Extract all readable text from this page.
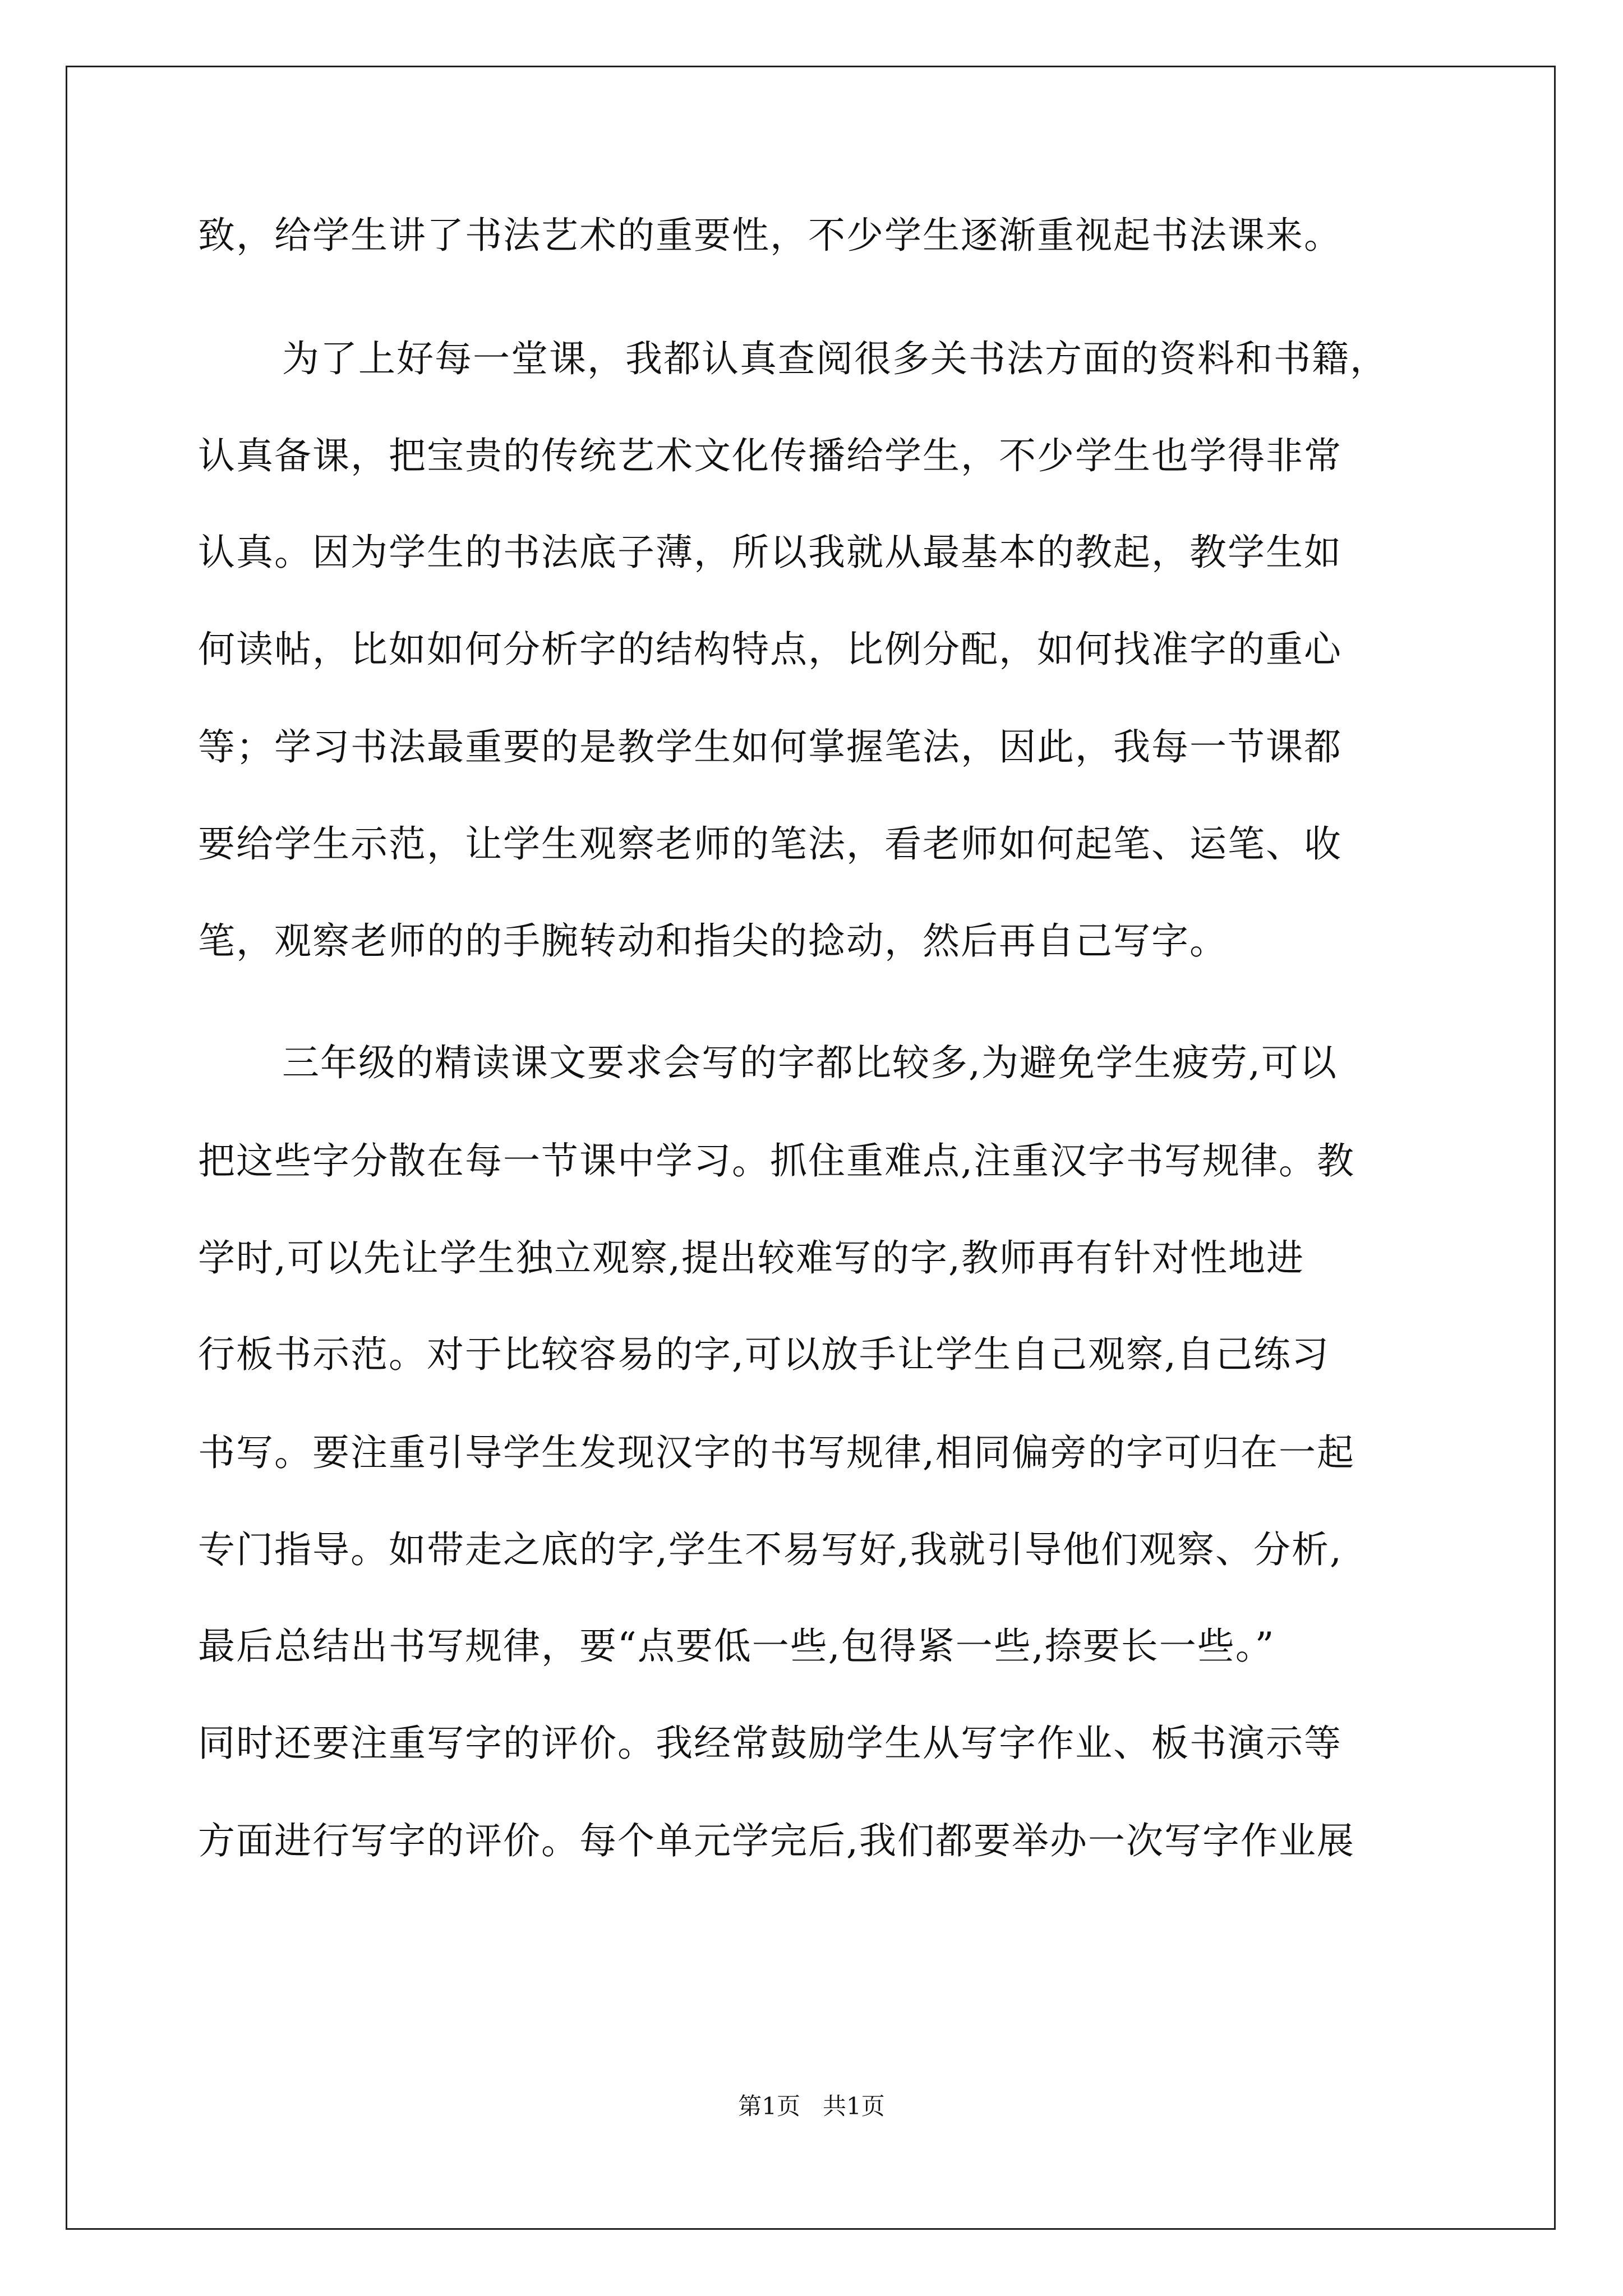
致，给学生讲了书法艺术的重要性，不少学生逐渐重视起书法课来。
为了上好每一堂课，我都认真查阅很多关书法方面的资料和书籍，
认真备课，把宝贵的传统艺术文化传播给学生，不少学生也学得非常
认真。因为学生的书法底子薄，所以我就从最基本的教起，教学生如
何读帖，比如如何分析字的结构特点，比例分配，如何找准字的重心
等；学习书法最重要的是教学生如何掌握笔法，因此，我每一节课都
要给学生示范，让学生观察老师的笔法，看老师如何起笔、运笔、收
笔，观察老师的的手腕转动和指尖的捻动，然后再自己写字。
三年级的精读课文要求会写的字都比较多,为避免学生疲劳,可以
把这些字分散在每一节课中学习。抓住重难点,注重汉字书写规律。教
学时,可以先让学生独立观察,提出较难写的字,教师再有针对性地进
行板书示范。对于比较容易的字,可以放手让学生自己观察,自己练习
书写。要注重引导学生发现汉字的书写规律,相同偏旁的字可归在一起
专门指导。如带走之底的字,学生不易写好,我就引导他们观察、分析,
最后总结出书写规律，要“点要低一些,包得紧一些,捺要长一些。”
同时还要注重写字的评价。我经常鼓励学生从写字作业、板书演示等
方面进行写字的评价。每个单元学完后,我们都要举办一次写字作业展
第1页   共1页
